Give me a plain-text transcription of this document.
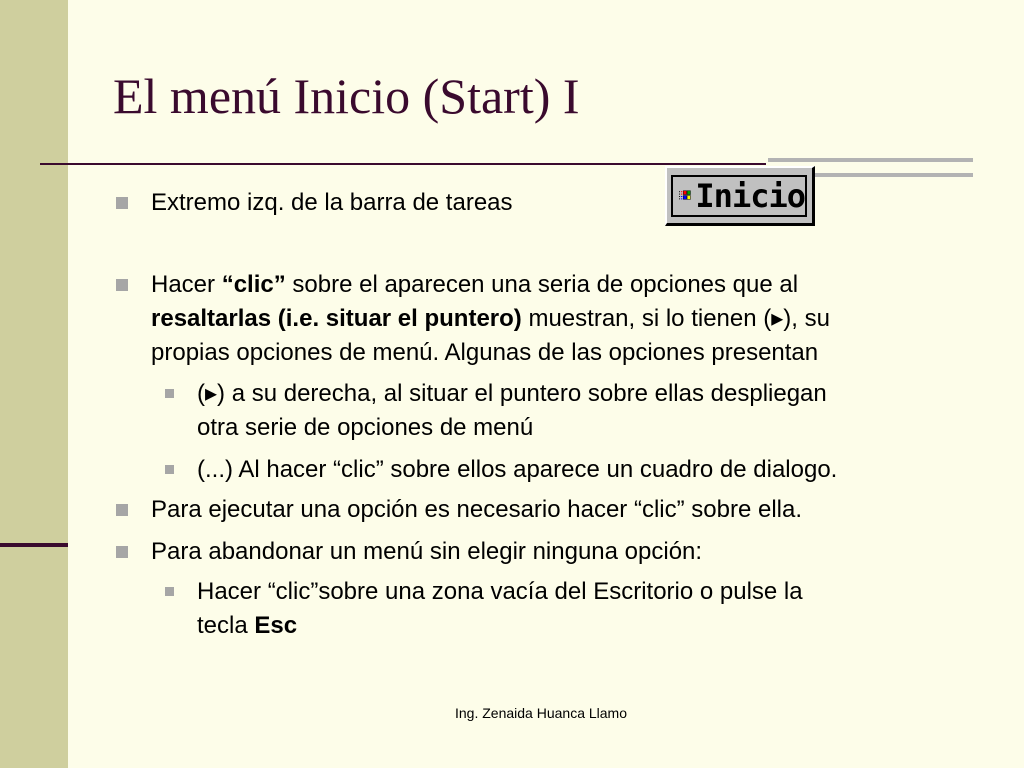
El menú Inicio (Start) I
Inicio
Extremo izq. de la barra de tareas
Hacer “clic” sobre el aparecen una seria de opciones que al
resaltarlas (i.e. situar el puntero) muestran, si lo tienen (▸), su
propias opciones de menú. Algunas de las opciones presentan
(▸) a su derecha, al situar el puntero sobre ellas despliegan
otra serie de opciones de menú
(...) Al hacer “clic” sobre ellos aparece un cuadro de dialogo.
Para ejecutar una opción es necesario hacer “clic” sobre ella.
Para abandonar un menú sin elegir ninguna opción:
Hacer “clic”sobre una zona vacía del Escritorio o pulse la
tecla Esc
Ing. Zenaida Huanca Llamo
